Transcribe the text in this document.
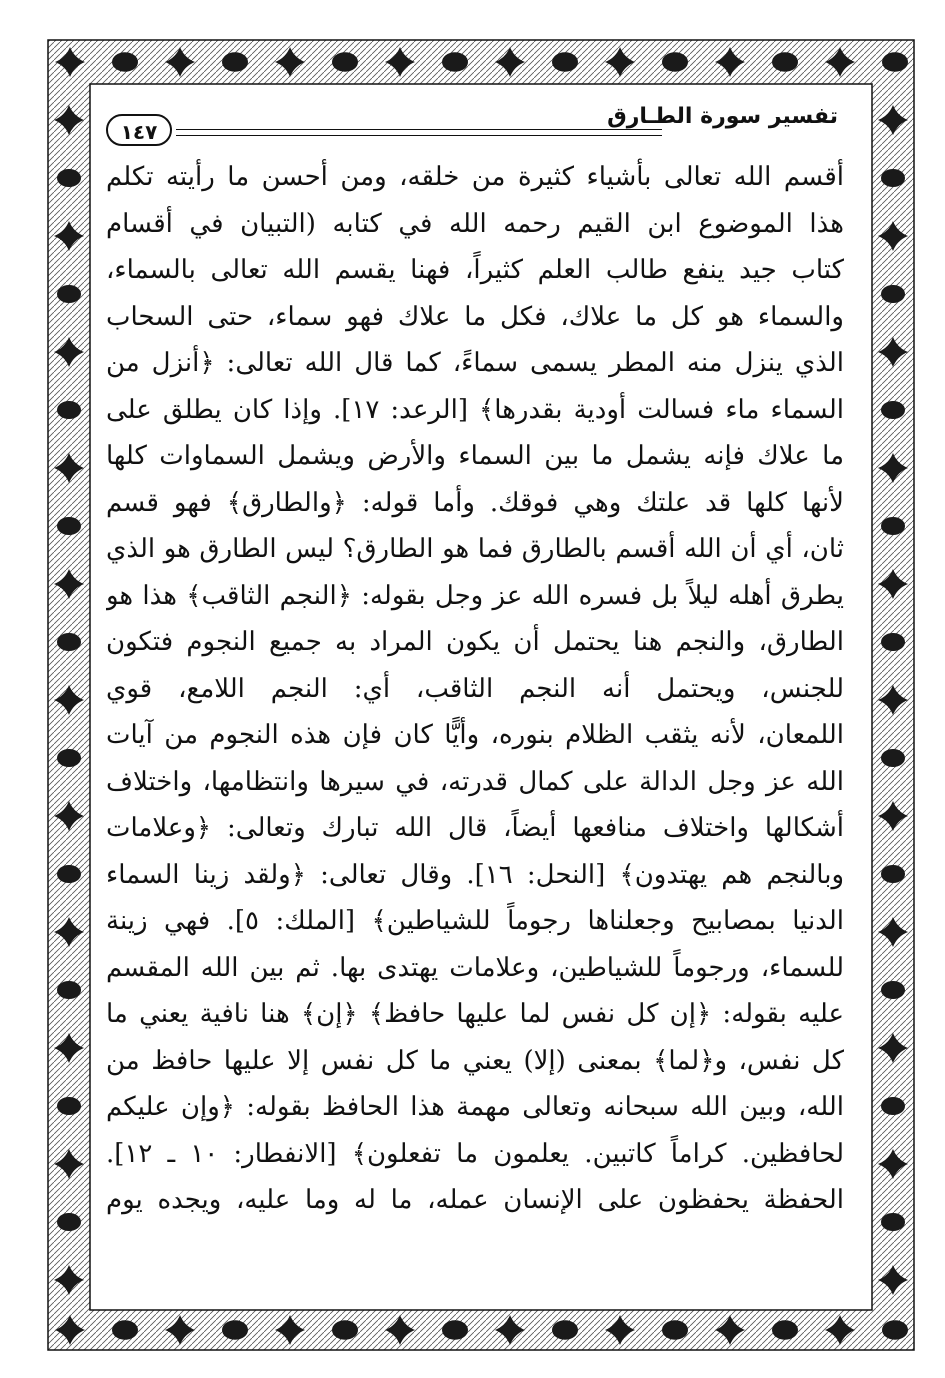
تفسير سورة الطـارق
١٤٧
أقسم الله تعالى بأشياء كثيرة من خلقه، ومن أحسن ما رأيته تكلم
هذا الموضوع ابن القيم رحمه الله في كتابه (التبيان في أقسام
كتاب جيد ينفع طالب العلم كثيراً، فهنا يقسم الله تعالى بالسماء،
والسماء هو كل ما علاك، فكل ما علاك فهو سماء، حتى السحاب
الذي ينزل منه المطر يسمى سماءً، كما قال الله تعالى: ﴿أنزل من
السماء ماء فسالت أودية بقدرها﴾ [الرعد: ١٧]. وإذا كان يطلق على
ما علاك فإنه يشمل ما بين السماء والأرض ويشمل السماوات كلها
لأنها كلها قد علتك وهي فوقك. وأما قوله: ﴿والطارق﴾ فهو قسم
ثان، أي أن الله أقسم بالطارق فما هو الطارق؟ ليس الطارق هو الذي
يطرق أهله ليلاً بل فسره الله عز وجل بقوله: ﴿النجم الثاقب﴾ هذا هو
الطارق، والنجم هنا يحتمل أن يكون المراد به جميع النجوم فتكون
للجنس، ويحتمل أنه النجم الثاقب، أي: النجم اللامع، قوي
اللمعان، لأنه يثقب الظلام بنوره، وأيًّا كان فإن هذه النجوم من آيات
الله عز وجل الدالة على كمال قدرته، في سيرها وانتظامها، واختلاف
أشكالها واختلاف منافعها أيضاً، قال الله تبارك وتعالى: ﴿وعلامات
وبالنجم هم يهتدون﴾ [النحل: ١٦]. وقال تعالى: ﴿ولقد زينا السماء
الدنيا بمصابيح وجعلناها رجوماً للشياطين﴾ [الملك: ٥]. فهي زينة
للسماء، ورجوماً للشياطين، وعلامات يهتدى بها. ثم بين الله المقسم
عليه بقوله: ﴿إن كل نفس لما عليها حافظ﴾ ﴿إن﴾ هنا نافية يعني ما
كل نفس، و﴿لما﴾ بمعنى (إلا) يعني ما كل نفس إلا عليها حافظ من
الله، وبين الله سبحانه وتعالى مهمة هذا الحافظ بقوله: ﴿وإن عليكم
لحافظين. كراماً كاتبين. يعلمون ما تفعلون﴾ [الانفطار: ١٠ ـ ١٢].
الحفظة يحفظون على الإنسان عمله، ما له وما عليه، ويجده يوم
